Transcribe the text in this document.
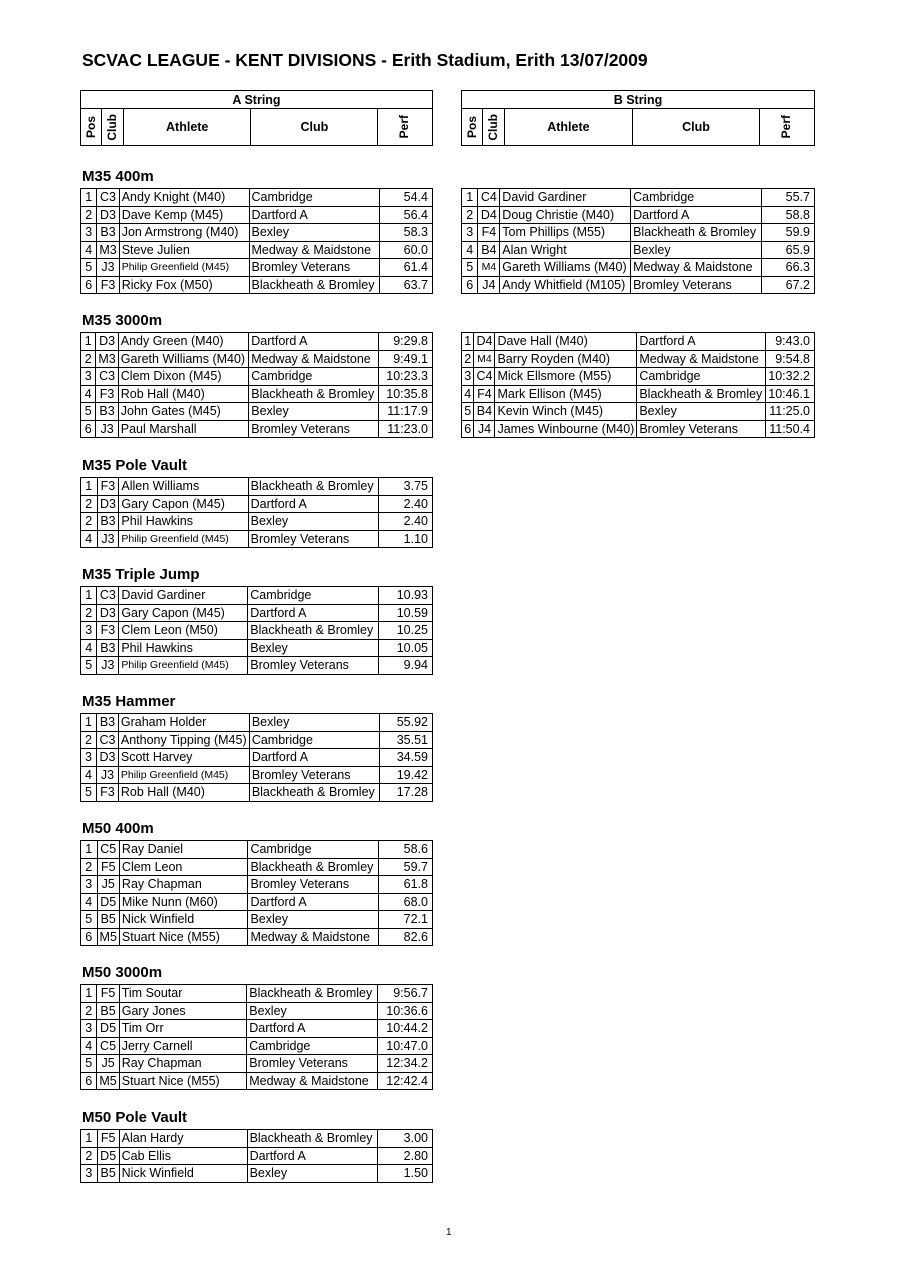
SCVAC LEAGUE - KENT DIVISIONS - Erith Stadium, Erith 13/07/2009
A String

Pos	Club	Athlete	Club	Perf
B String

Pos	Club	Athlete	Club	Perf
M35 400m
1	C3	Andy Knight (M40)	Cambridge	54.4
2	D3	Dave Kemp (M45)	Dartford A	56.4
3	B3	Jon Armstrong (M40)	Bexley	58.3
4	M3	Steve Julien	Medway & Maidstone	60.0
5	J3	Philip Greenfield (M45)	Bromley Veterans	61.4
6	F3	Ricky Fox (M50)	Blackheath & Bromley	63.7
1	C4	David Gardiner	Cambridge	55.7
2	D4	Doug Christie (M40)	Dartford A	58.8
3	F4	Tom Phillips (M55)	Blackheath & Bromley	59.9
4	B4	Alan Wright	Bexley	65.9
5	M4	Gareth Williams (M40)	Medway & Maidstone	66.3
6	J4	Andy Whitfield (M105)	Bromley Veterans	67.2
M35 3000m
1	D3	Andy Green (M40)	Dartford A	9:29.8
2	M3	Gareth Williams (M40)	Medway & Maidstone	9:49.1
3	C3	Clem Dixon (M45)	Cambridge	10:23.3
4	F3	Rob Hall (M40)	Blackheath & Bromley	10:35.8
5	B3	John Gates (M45)	Bexley	11:17.9
6	J3	Paul Marshall	Bromley Veterans	11:23.0
1	D4	Dave Hall (M40)	Dartford A	9:43.0
2	M4	Barry Royden (M40)	Medway & Maidstone	9:54.8
3	C4	Mick Ellsmore (M55)	Cambridge	10:32.2
4	F4	Mark Ellison (M45)	Blackheath & Bromley	10:46.1
5	B4	Kevin Winch (M45)	Bexley	11:25.0
6	J4	James Winbourne (M40)	Bromley Veterans	11:50.4
M35 Pole Vault
1	F3	Allen Williams	Blackheath & Bromley	3.75
2	D3	Gary Capon (M45)	Dartford A	2.40
2	B3	Phil Hawkins	Bexley	2.40
4	J3	Philip Greenfield (M45)	Bromley Veterans	1.10
M35 Triple Jump
1	C3	David Gardiner	Cambridge	10.93
2	D3	Gary Capon (M45)	Dartford A	10.59
3	F3	Clem Leon (M50)	Blackheath & Bromley	10.25
4	B3	Phil Hawkins	Bexley	10.05
5	J3	Philip Greenfield (M45)	Bromley Veterans	9.94
M35 Hammer
1	B3	Graham Holder	Bexley	55.92
2	C3	Anthony Tipping (M45)	Cambridge	35.51
3	D3	Scott Harvey	Dartford A	34.59
4	J3	Philip Greenfield (M45)	Bromley Veterans	19.42
5	F3	Rob Hall (M40)	Blackheath & Bromley	17.28
M50 400m
1	C5	Ray Daniel	Cambridge	58.6
2	F5	Clem Leon	Blackheath & Bromley	59.7
3	J5	Ray Chapman	Bromley Veterans	61.8
4	D5	Mike Nunn (M60)	Dartford A	68.0
5	B5	Nick Winfield	Bexley	72.1
6	M5	Stuart Nice (M55)	Medway & Maidstone	82.6
M50 3000m
1	F5	Tim Soutar	Blackheath & Bromley	9:56.7
2	B5	Gary Jones	Bexley	10:36.6
3	D5	Tim Orr	Dartford A	10:44.2
4	C5	Jerry Carnell	Cambridge	10:47.0
5	J5	Ray Chapman	Bromley Veterans	12:34.2
6	M5	Stuart Nice (M55)	Medway & Maidstone	12:42.4
M50 Pole Vault
1	F5	Alan Hardy	Blackheath & Bromley	3.00
2	D5	Cab Ellis	Dartford A	2.80
3	B5	Nick Winfield	Bexley	1.50
1
